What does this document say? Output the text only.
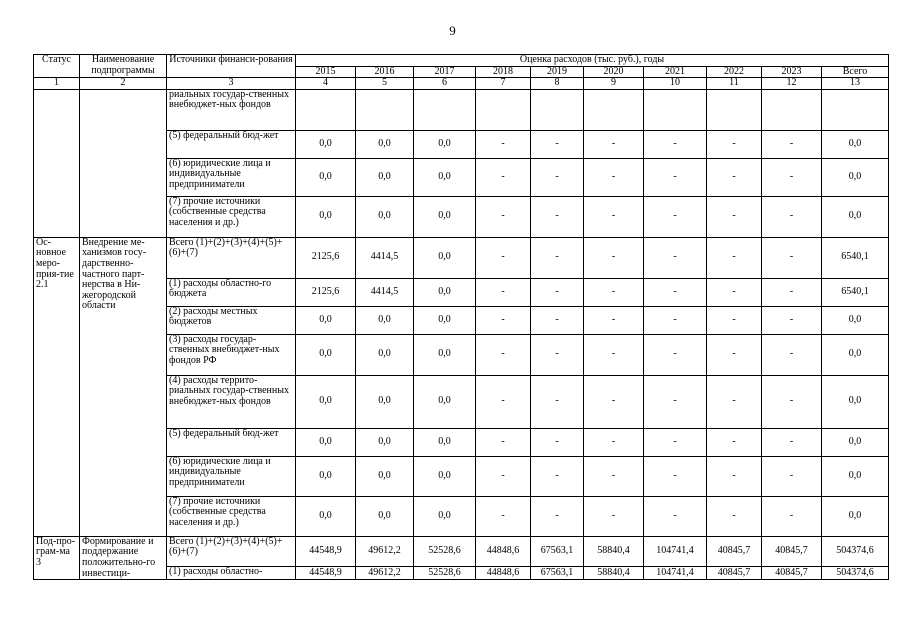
9
Статус	Наименование подпрограммы	Источники финанси-рования	Оценка расходов (тыс. руб.), годы									
			2015	2016	2017	2018	2019	2020	2021	2022	2023	Всего
1	2	3	4	5	6	7	8	9	10	11	12	13
		риальных государ-ственных внебюджет-ных фондов										
		(5) федеральный бюд-жет	0,0	0,0	0,0	-	-	-	-	-	-	0,0
		(6) юридические лица и индивидуальные предприниматели	0,0	0,0	0,0	-	-	-	-	-	-	0,0
		(7) прочие источники (собственные средства населения и др.)	0,0	0,0	0,0	-	-	-	-	-	-	0,0
Ос-новное меро-прия-тие 2.1	Внедрение ме-ханизмов госу-дарственно-частного парт-нерства в Ни-жегородской области	Всего (1)+(2)+(3)+(4)+(5)+(6)+(7)	2125,6	4414,5	0,0	-	-	-	-	-	-	6540,1
		(1) расходы областно-го бюджета	2125,6	4414,5	0,0	-	-	-	-	-	-	6540,1
		(2) расходы местных бюджетов	0,0	0,0	0,0	-	-	-	-	-	-	0,0
		(3) расходы государ-ственных внебюджет-ных фондов РФ	0,0	0,0	0,0	-	-	-	-	-	-	0,0
		(4) расходы террито-риальных государ-ственных внебюджет-ных фондов	0,0	0,0	0,0	-	-	-	-	-	-	0,0
		(5) федеральный бюд-жет	0,0	0,0	0,0	-	-	-	-	-	-	0,0
		(6) юридические лица и индивидуальные предприниматели	0,0	0,0	0,0	-	-	-	-	-	-	0,0
		(7) прочие источники (собственные средства населения и др.)	0,0	0,0	0,0	-	-	-	-	-	-	0,0
Под-про-грам-ма 3	Формирование и поддержание положительно-го инвестици-	Всего (1)+(2)+(3)+(4)+(5)+(6)+(7)	44548,9	49612,2	52528,6	44848,6	67563,1	58840,4	104741,4	40845,7	40845,7	504374,6
		(1) расходы областно-	44548,9	49612,2	52528,6	44848,6	67563,1	58840,4	104741,4	40845,7	40845,7	504374,6
